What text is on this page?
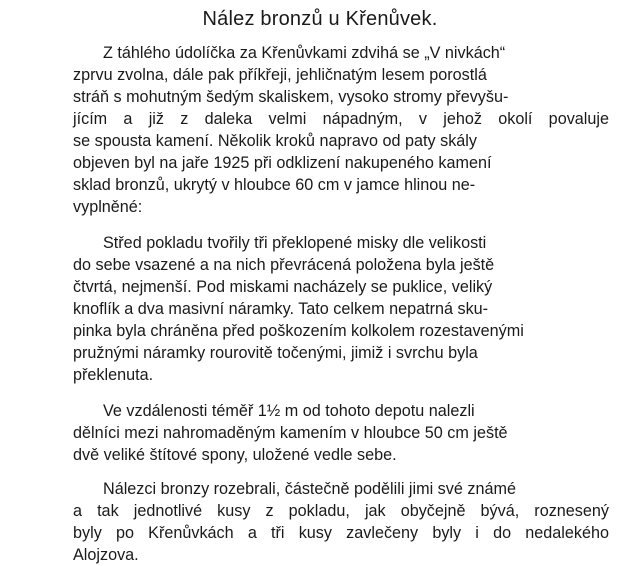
Nález bronzů u Křenůvek.
Z táhlého údolíčka za Křenůvkami zdvihá se „V nivkách“
zprvu zvolna, dále pak příkřeji, jehličnatým lesem porostlá
stráň s mohutným šedým skaliskem, vysoko stromy převyšu-
jícím a již z daleka velmi nápadným, v jehož okolí povaluje
se spousta kamení. Několik kroků napravo od paty skály
objeven byl na jaře 1925 při odklizení nakupeného kamení
sklad bronzů, ukrytý v hloubce 60 cm v jamce hlinou ne-
vyplněné:
Střed pokladu tvořily tři překlopené misky dle velikosti
do sebe vsazené a na nich převrácená položena byla ještě
čtvrtá, nejmenší. Pod miskami nacházely se puklice, veliký
knoflík a dva masivní náramky. Tato celkem nepatrná sku-
pinka byla chráněna před poškozením kolkolem rozestavenými
pružnými náramky rourovitě točenými, jimiž i svrchu byla
překlenuta.
Ve vzdálenosti téměř 1½ m od tohoto depotu nalezli
dělníci mezi nahromaděným kamením v hloubce 50 cm ještě
dvě veliké štítové spony, uložené vedle sebe.
Nálezci bronzy rozebrali, částečně podělili jimi své známé
a tak jednotlivé kusy z pokladu, jak obyčejně bývá, roznesený
byly po Křenůvkách a tři kusy zavlečeny byly i do nedalekého
Alojzova.
